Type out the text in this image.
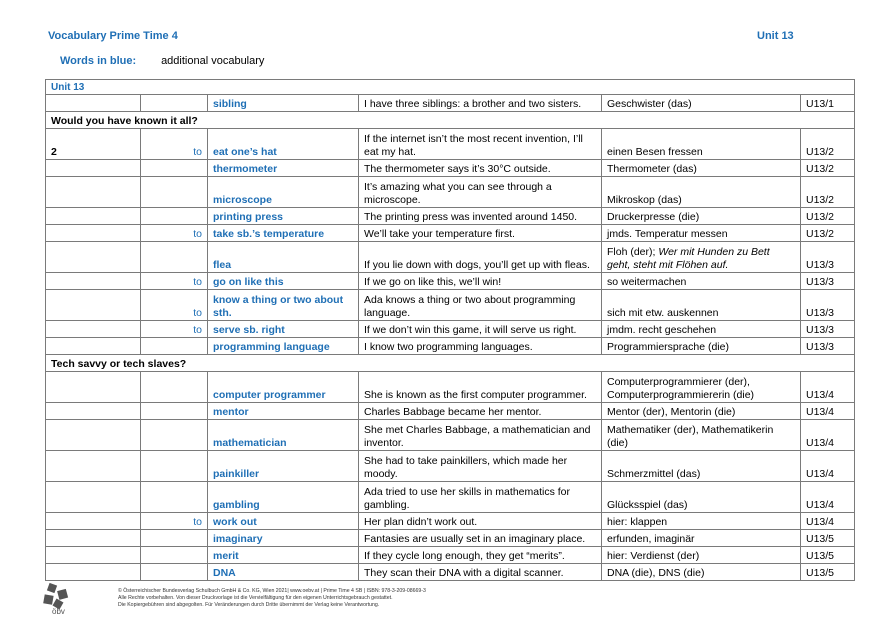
Vocabulary Prime Time 4	Unit 13
Words in blue: additional vocabulary
Unit 13					
		sibling	I have three siblings: a brother and two sisters.	Geschwister (das)	U13/1
Would you have known it all?					
2	to	eat one’s hat	If the internet isn’t the most recent invention, I’ll eat my hat.	einen Besen fressen	U13/2
		thermometer	The thermometer says it’s 30°C outside.	Thermometer (das)	U13/2
		microscope	It’s amazing what you can see through a microscope.	Mikroskop (das)	U13/2
		printing press	The printing press was invented around 1450.	Druckerpresse (die)	U13/2
	to	take sb.’s temperature	We’ll take your temperature first.	jmds. Temperatur messen	U13/2
		flea	If you lie down with dogs, you’ll get up with fleas.	Floh (der); Wer mit Hunden zu Bett geht, steht mit Flöhen auf.	U13/3
	to	go on like this	If we go on like this, we’ll win!	so weitermachen	U13/3
	to	know a thing or two about sth.	Ada knows a thing or two about programming language.	sich mit etw. auskennen	U13/3
	to	serve sb. right	If we don’t win this game, it will serve us right.	jmdm. recht geschehen	U13/3
		programming language	I know two programming languages.	Programmiersprache (die)	U13/3
Tech savvy or tech slaves?					
		computer programmer	She is known as the first computer programmer.	Computerprogrammierer (der), Computerprogrammiererin (die)	U13/4
		mentor	Charles Babbage became her mentor.	Mentor (der), Mentorin (die)	U13/4
		mathematician	She met Charles Babbage, a mathematician and inventor.	Mathematiker (der), Mathematikerin (die)	U13/4
		painkiller	She had to take painkillers, which made her moody.	Schmerzmittel (das)	U13/4
		gambling	Ada tried to use her skills in mathematics for gambling.	Glücksspiel (das)	U13/4
	to	work out	Her plan didn’t work out.	hier: klappen	U13/4
		imaginary	Fantasies are usually set in an imaginary place.	erfunden, imaginär	U13/5
		merit	If they cycle long enough, they get “merits”.	hier: Verdienst (der)	U13/5
		DNA	They scan their DNA with a digital scanner.	DNA (die), DNS (die)	U13/5
öbv
© Österreichischer Bundesverlag Schulbuch GmbH & Co. KG, Wien 2021| www.oebv.at | Prime Time 4 SB | ISBN: 978-3-209-08669-3
Alle Rechte vorbehalten. Von dieser Druckvorlage ist die Vervielfältigung für den eigenen Unterrichtsgebrauch gestattet.
Die Kopiergebühren sind abgegolten. Für Veränderungen durch Dritte übernimmt der Verlag keine Verantwortung.
